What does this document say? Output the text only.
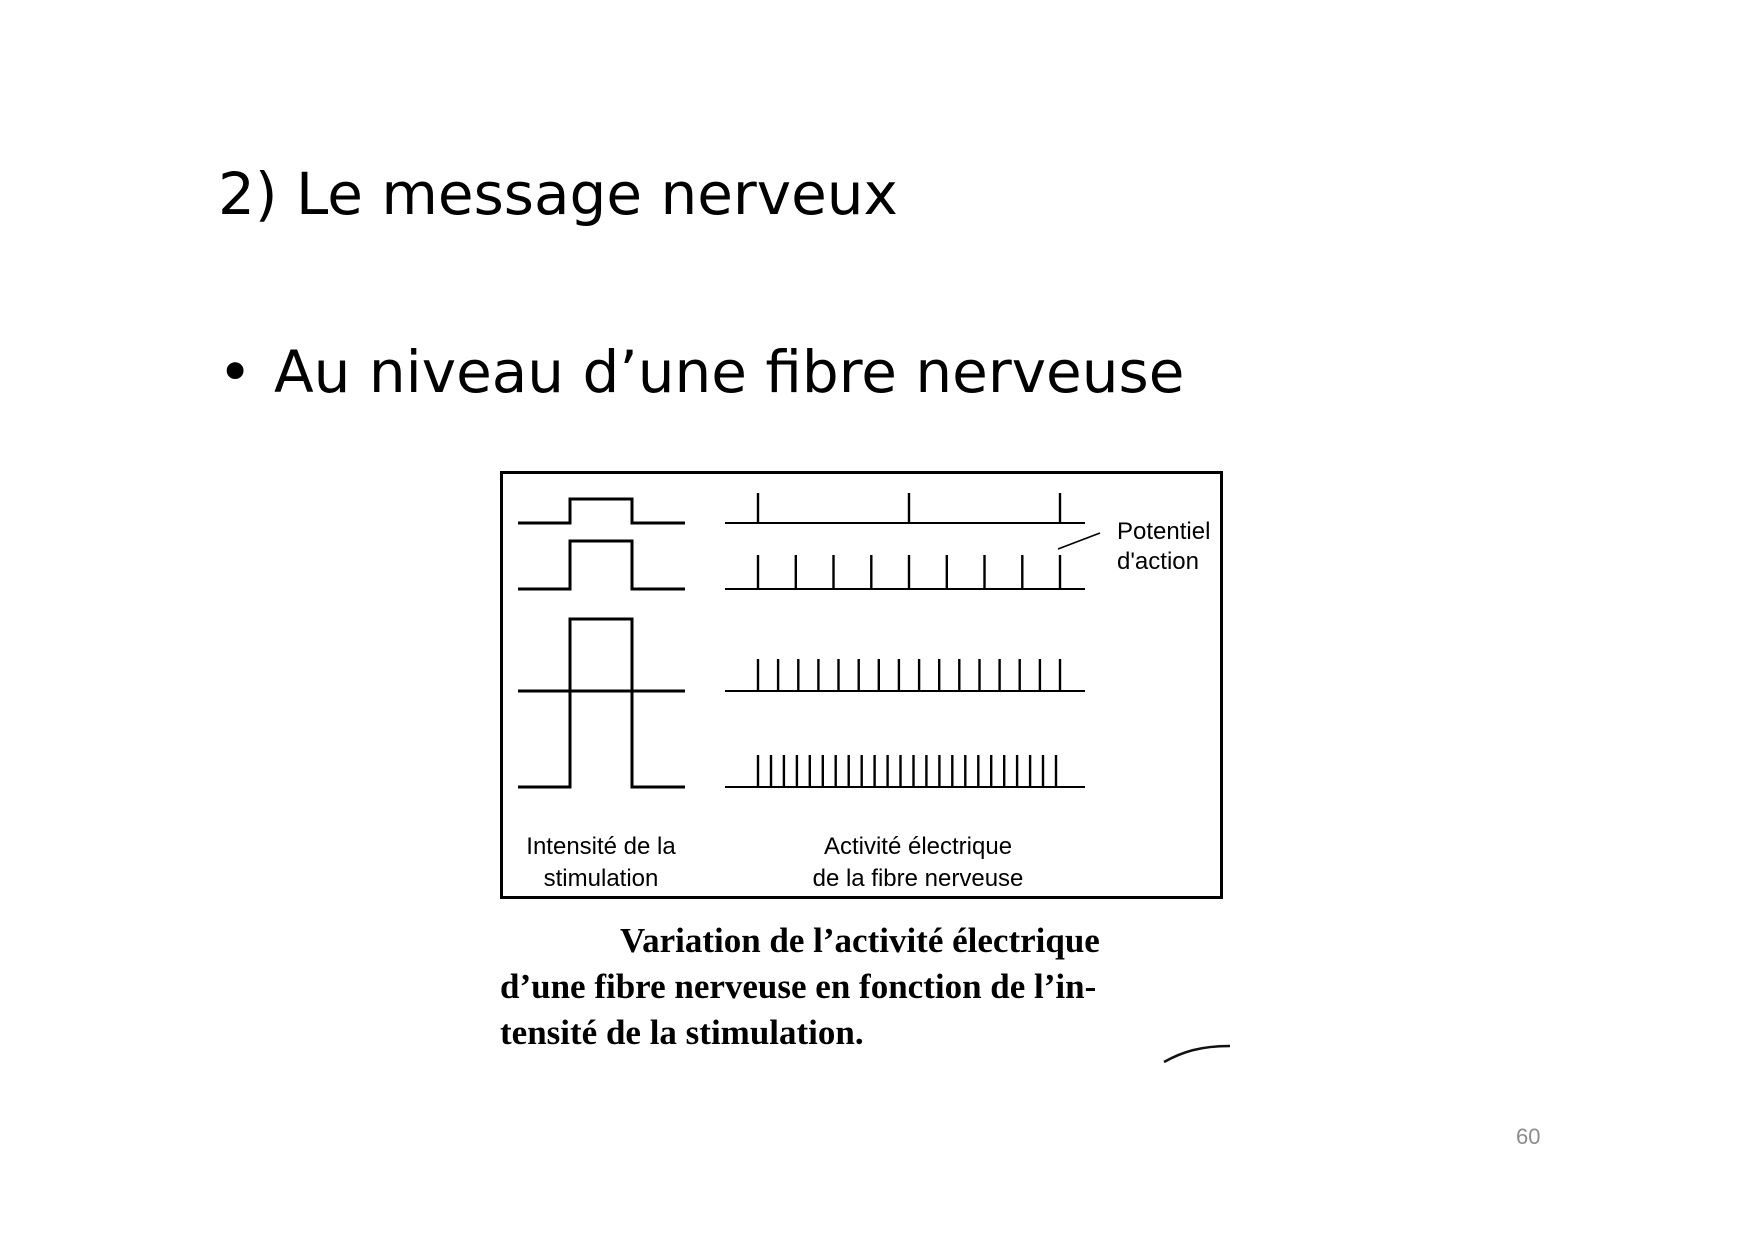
2) Le message nerveux
• Au niveau d’une fibre nerveuse
Potentiel
d'action
Intensité de la
stimulation
Activité électrique
de la fibre nerveuse
Variation de l’activité électrique
d’une fibre nerveuse en fonction de l’in-
tensité de la stimulation.
60
